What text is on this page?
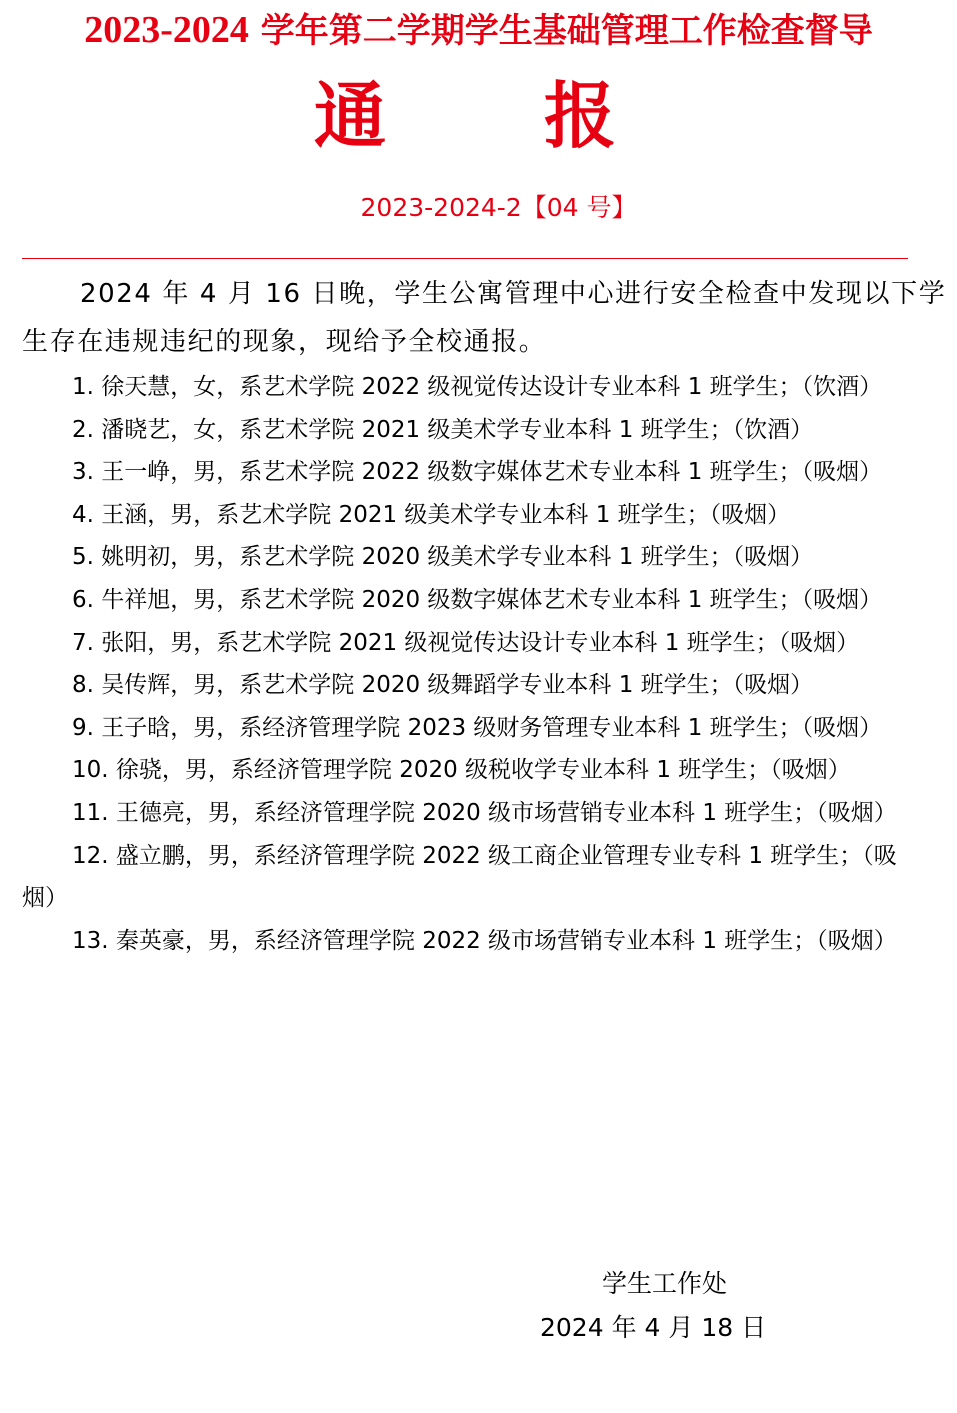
2023-2024 学年第二学期学生基础管理工作检查督导
通 报
2023-2024-2【04 号】

2024 年 4 月 16 日晚，学生公寓管理中心进行安全检查中发现以下学生存在违规违纪的现象，现给予全校通报。

1. 徐天慧，女，系艺术学院 2022 级视觉传达设计专业本科 1 班学生；（饮酒）
2. 潘晓艺，女，系艺术学院 2021 级美术学专业本科 1 班学生；（饮酒）
3. 王一峥，男，系艺术学院 2022 级数字媒体艺术专业本科 1 班学生；（吸烟）
4. 王涵，男，系艺术学院 2021 级美术学专业本科 1 班学生；（吸烟）
5. 姚明初，男，系艺术学院 2020 级美术学专业本科 1 班学生；（吸烟）
6. 牛祥旭，男，系艺术学院 2020 级数字媒体艺术专业本科 1 班学生；（吸烟）
7. 张阳，男，系艺术学院 2021 级视觉传达设计专业本科 1 班学生；（吸烟）
8. 吴传辉，男，系艺术学院 2020 级舞蹈学专业本科 1 班学生；（吸烟）
9. 王子晗，男，系经济管理学院 2023 级财务管理专业本科 1 班学生；（吸烟）
10. 徐骁，男，系经济管理学院 2020 级税收学专业本科 1 班学生；（吸烟）
11. 王德亮，男，系经济管理学院 2020 级市场营销专业本科 1 班学生；（吸烟）
12. 盛立鹏，男，系经济管理学院 2022 级工商企业管理专业专科 1 班学生；（吸烟）
13. 秦英豪，男，系经济管理学院 2022 级市场营销专业本科 1 班学生；（吸烟）
学生工作处
2024 年 4 月 18 日
